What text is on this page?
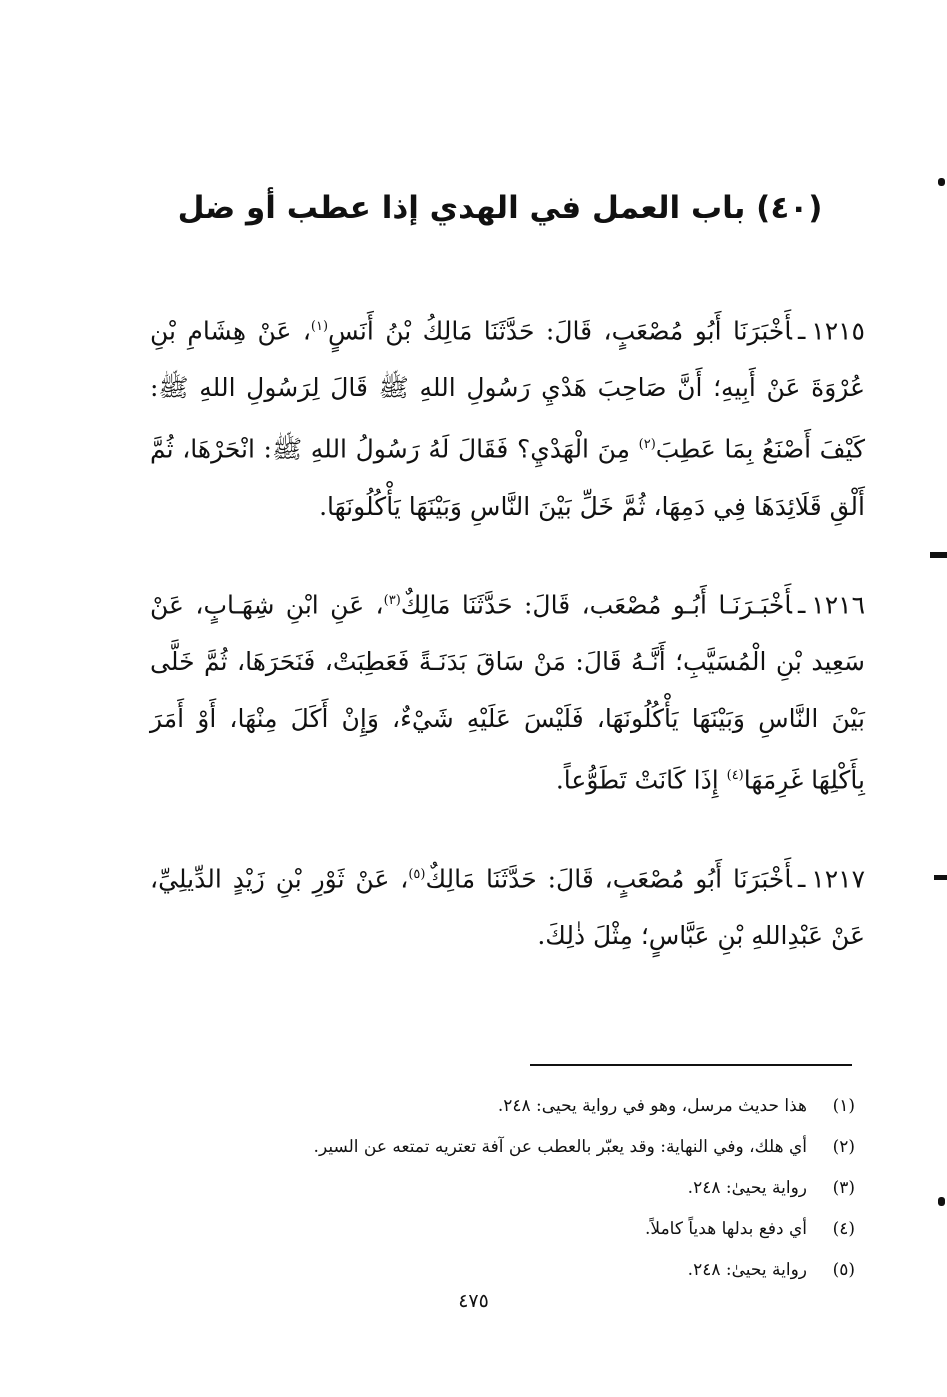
(٤٠) باب العمل في الهدي إذا عطب أو ضل
١٢١٥ـأَخْبَرَنَا أَبُو مُصْعَبٍ، قَالَ: حَدَّثَنَا مَالِكُ بْنُ أَنَسٍ$^{(١)}$، عَنْ هِشَامِ بْنِ عُرْوَةَ عَنْ أَبِيهِ؛ أَنَّ صَاحِبَ هَدْيِ رَسُولِ اللهِ ﷺ قَالَ لِرَسُولِ اللهِ ﷺ: كَيْفَ أَصْنَعُ بِمَا عَطِبَ$^{(٢)}$ مِنَ الْهَدْيِ؟ فَقَالَ لَهُ رَسُولُ اللهِ ﷺ: انْحَرْهَا، ثُمَّ أَلْقِ قَلَائِدَهَا فِي دَمِهَا، ثُمَّ خَلِّ بَيْنَ النَّاسِ وَبَيْنَهَا يَأْكُلُونَهَا.
١٢١٦ـأَخْبَـرَنَـا أَبُـو مُصْعَب، قَالَ: حَدَّثَنَا مَالِكٌ$^{(٣)}$، عَنِ ابْنِ شِهَـابٍ، عَنْ سَعِيد بْنِ الْمُسَيَّبِ؛ أَنَّـهُ قَالَ: مَنْ سَاقَ بَدَنَـةً فَعَطِبَتْ، فَنَحَرَهَا، ثُمَّ خَلَّى بَيْنَ النَّاسِ وَبَيْنَهَا يَأْكُلُونَهَا، فَلَيْسَ عَلَيْهِ شَيْءٌ، وَإِنْ أَكَلَ مِنْهَا، أَوْ أَمَرَ بِأَكْلِهَا غَرِمَهَا$^{(٤)}$ إِذَا كَانَتْ تَطَوُّعاً.
١٢١٧ـأَخْبَرَنَا أَبُو مُصْعَبٍ، قَالَ: حَدَّثَنَا مَالِكٌ$^{(٥)}$، عَنْ ثَوْرِ بْنِ زَيْدٍ الدِّيلِيِّ، عَنْ عَبْدِاللهِ بْنِ عَبَّاسٍ؛ مِثْلَ ذٰلِكَ.
(١)هذا حديث مرسل، وهو في رواية يحيى: ٢٤٨.
(٢)أي هلك، وفي النهاية: وقد يعبّر بالعطب عن آفة تعتريه تمتعه عن السير.
(٣)رواية يحيىٰ: ٢٤٨.
(٤)أي دفع بدلها هدياً كاملاً.
(٥)رواية يحيىٰ: ٢٤٨.
٤٧٥
